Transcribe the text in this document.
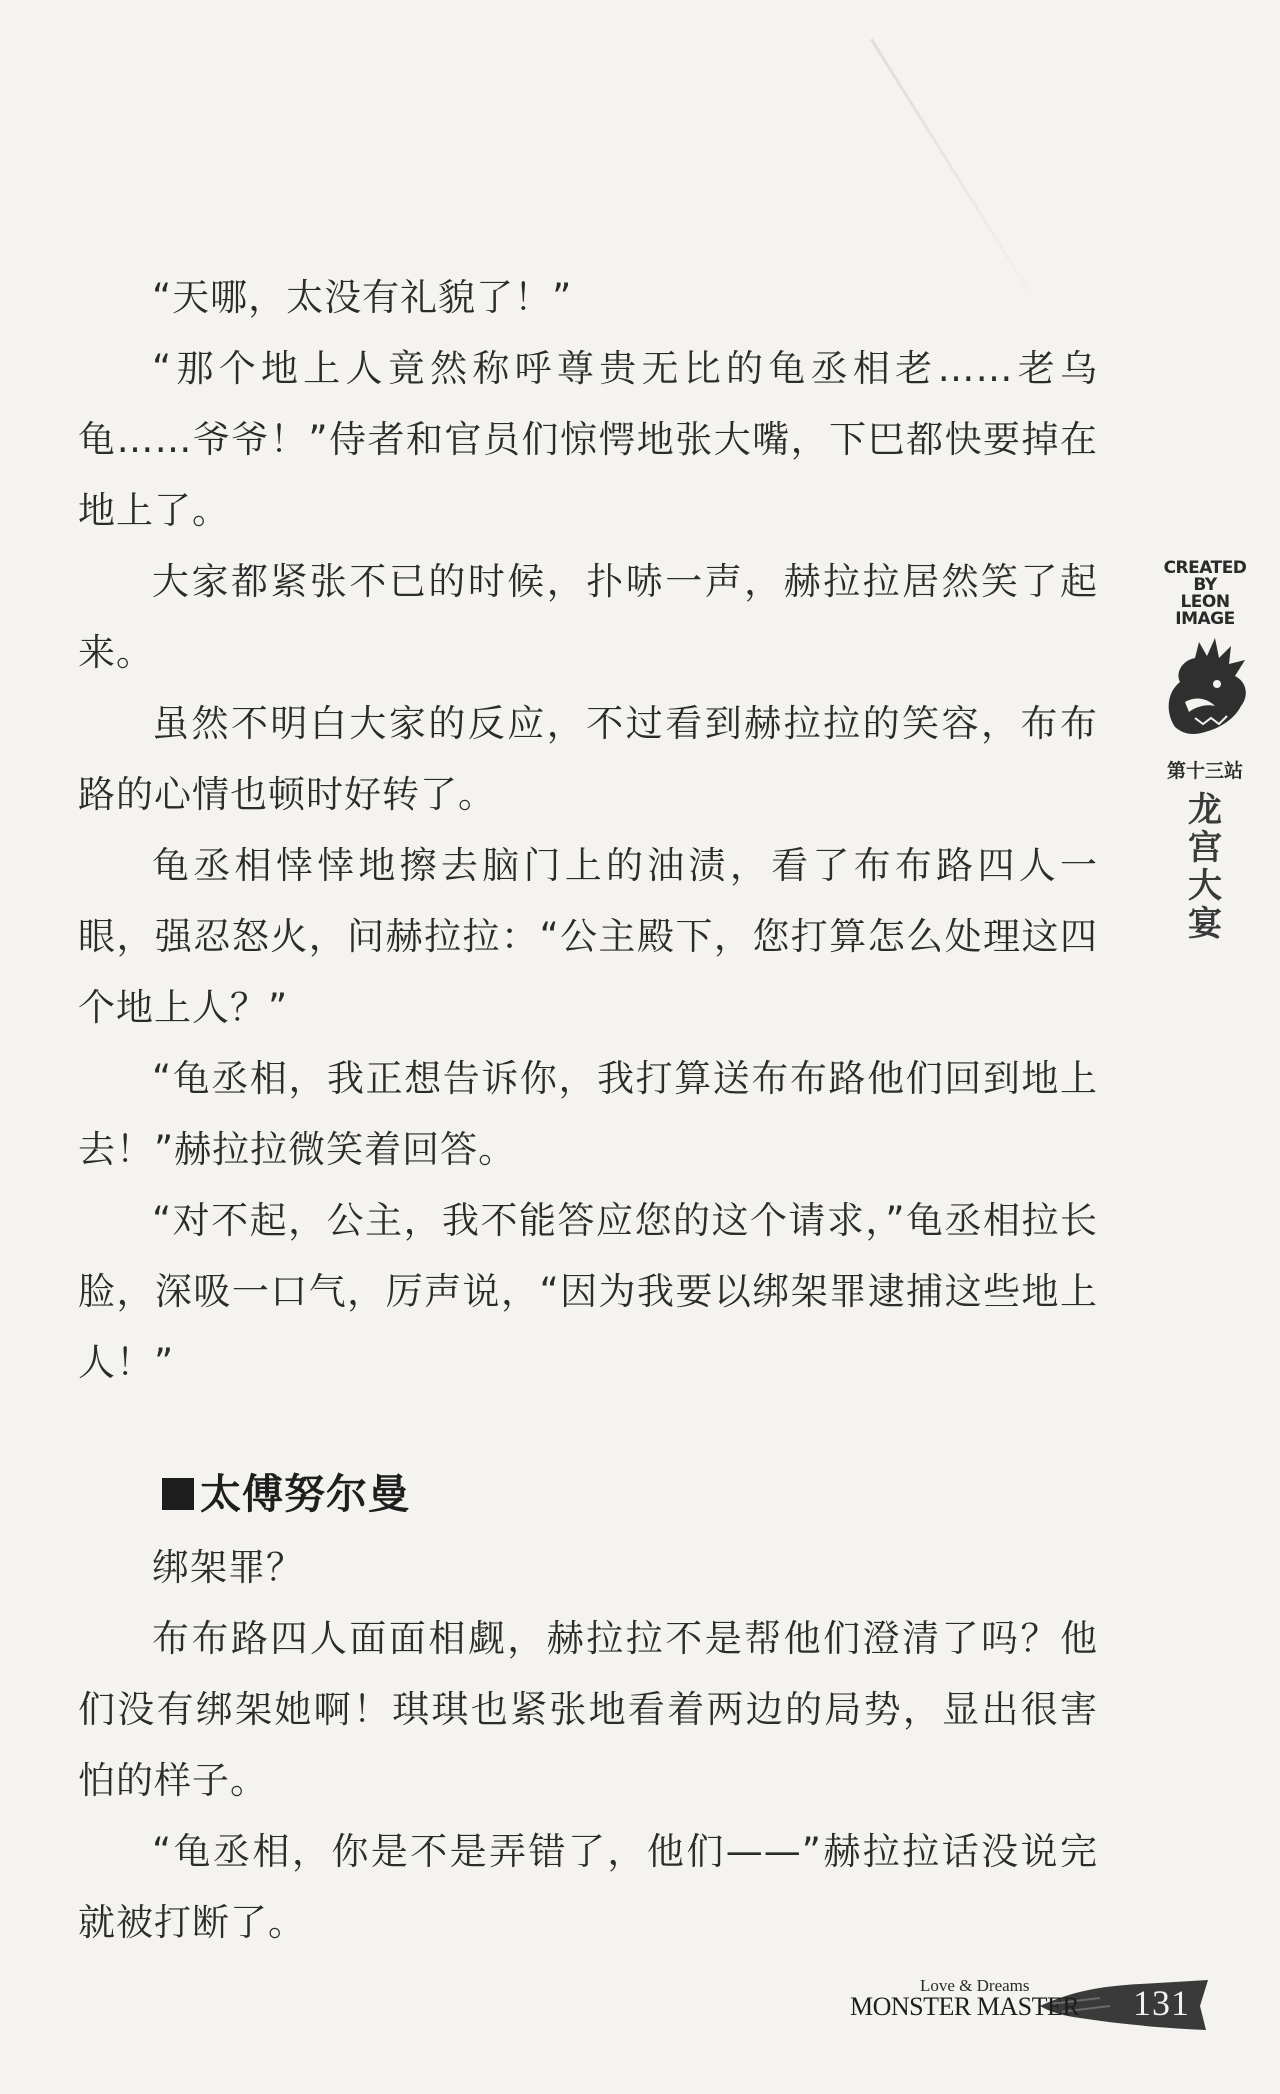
“天哪，太没有礼貌了！”

“那个地上人竟然称呼尊贵无比的龟丞相老……老乌龟……爷爷！”侍者和官员们惊愕地张大嘴，下巴都快要掉在地上了。

大家都紧张不已的时候，扑哧一声，赫拉拉居然笑了起来。

虽然不明白大家的反应，不过看到赫拉拉的笑容，布布路的心情也顿时好转了。

龟丞相悻悻地擦去脑门上的油渍，看了布布路四人一眼，强忍怒火，问赫拉拉：“公主殿下，您打算怎么处理这四个地上人？”

“龟丞相，我正想告诉你，我打算送布布路他们回到地上去！”赫拉拉微笑着回答。

“对不起，公主，我不能答应您的这个请求，”龟丞相拉长脸，深吸一口气，厉声说，“因为我要以绑架罪逮捕这些地上人！”

太傅努尔曼

绑架罪？

布布路四人面面相觑，赫拉拉不是帮他们澄清了吗？他们没有绑架她啊！琪琪也紧张地看着两边的局势，显出很害怕的样子。

“龟丞相，你是不是弄错了，他们——”赫拉拉话没说完就被打断了。

CREATED
BY
LEON
IMAGE
第十三站
龙宫大宴
Love & Dreams
MONSTER MASTER 131
